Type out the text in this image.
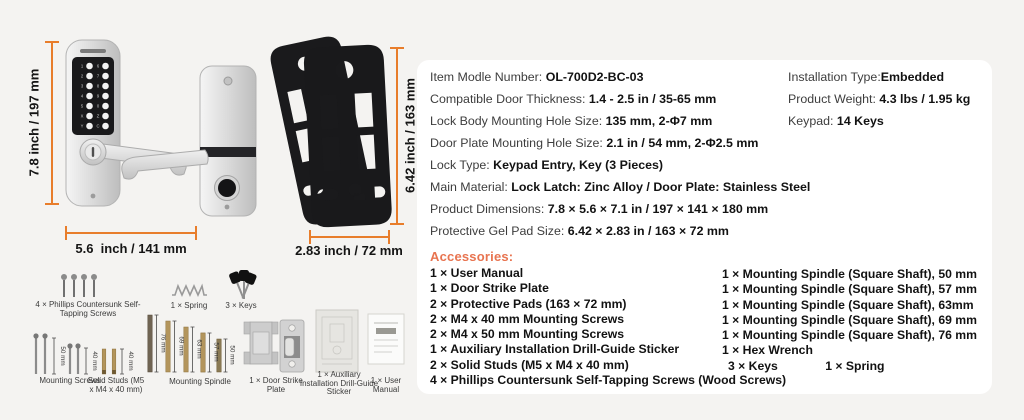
1	6
2	7
3	8
4	9
5	0
X	Z
Y	C
50 mm	40 mm	40 mm
76 mm 69 mm 63 mm 57 mm 50 mm
7.8 inch / 197 mm
5.6  inch / 141 mm
6.42 inch / 163 mm
2.83 inch / 72 mm
4 × Phillips Countersunk Self-Tapping Screws
1 × Spring	3 × Keys
Mounting Screws
Solid Studs (M5 x M4 x 40 mm)
Mounting Spindle	1 × Door Strike Plate
1 × Auxiliary Installation Drill-Guide Sticker
1 × User Manual
Item Modle Number: OL-700D2-BC-03
Compatible Door Thickness: 1.4 - 2.5 in / 35-65 mm
Lock Body Mounting Hole Size: 135 mm, 2-Φ7 mm
Door Plate Mounting Hole Size: 2.1 in / 54 mm, 2-Φ2.5 mm
Lock Type: Keypad Entry, Key (3 Pieces)
Main Material: Lock Latch: Zinc Alloy / Door Plate: Stainless Steel
Product Dimensions: 7.8 × 5.6 × 7.1 in / 197 × 141 × 180 mm
Protective Gel Pad Size: 6.42 × 2.83 in / 163 × 72 mm
Installation Type:Embedded
Product Weight: 4.3 lbs / 1.95 kg
Keypad: 14 Keys
Accessories:
1 × User Manual
1 × Door Strike Plate
2 × Protective Pads (163 × 72 mm)
2 × M4 x 40 mm Mounting Screws
2 × M4 x 50 mm Mounting Screws
1 × Auxiliary Installation Drill-Guide Sticker
2 × Solid Studs (M5 x M4 x 40 mm)
4 × Phillips Countersunk Self-Tapping Screws (Wood Screws)
1 × Mounting Spindle (Square Shaft), 50 mm
1 × Mounting Spindle (Square Shaft), 57 mm
1 × Mounting Spindle (Square Shaft), 63mm
1 × Mounting Spindle (Square Shaft), 69 mm
1 × Mounting Spindle (Square Shaft), 76 mm
1 × Hex Wrench
3 × Keys	1 × Spring
